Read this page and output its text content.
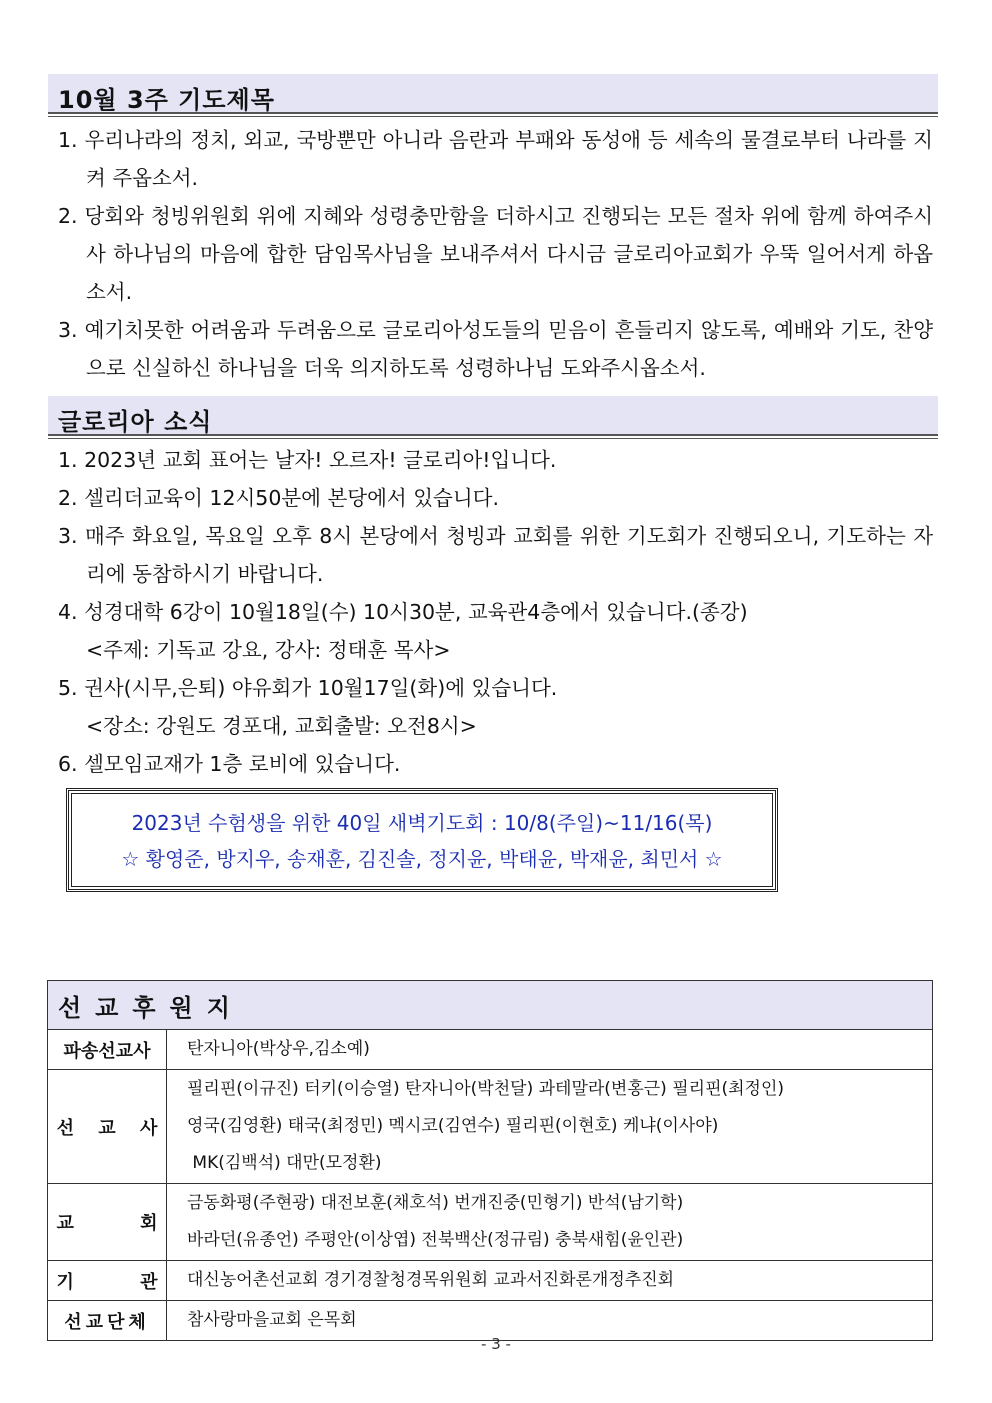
10월 3주 기도제목
1. 우리나라의 정치, 외교, 국방뿐만 아니라 음란과 부패와 동성애 등 세속의 물결로부터 나라를 지켜 주옵소서.
2. 당회와 청빙위원회 위에 지혜와 성령충만함을 더하시고 진행되는 모든 절차 위에 함께 하여주시사 하나님의 마음에 합한 담임목사님을 보내주셔서 다시금 글로리아교회가 우뚝 일어서게 하옵소서.
3. 예기치못한 어려움과 두려움으로 글로리아성도들의 믿음이 흔들리지 않도록, 예배와 기도, 찬양으로 신실하신 하나님을 더욱 의지하도록 성령하나님 도와주시옵소서.
글로리아 소식
1. 2023년 교회 표어는 날자! 오르자! 글로리아!입니다.
2. 셀리더교육이 12시50분에 본당에서 있습니다.
3. 매주 화요일, 목요일 오후 8시 본당에서 청빙과 교회를 위한 기도회가 진행되오니, 기도하는 자리에 동참하시기 바랍니다.
4. 성경대학 6강이 10월18일(수) 10시30분, 교육관4층에서 있습니다.(종강)
<주제: 기독교 강요, 강사: 정태훈 목사>
5. 권사(시무,은퇴) 야유회가 10월17일(화)에 있습니다.
<장소: 강원도 경포대, 교회출발: 오전8시>
6. 셀모임교재가 1층 로비에 있습니다.
2023년 수험생을 위한 40일 새벽기도회 : 10/8(주일)~11/16(목)
☆ 황영준, 방지우, 송재훈, 김진솔, 정지윤, 박태윤, 박재윤, 최민서 ☆
선교후원지	
파송선교사	탄자니아(박상우,김소예)

선 교 사	필리핀(이규진) 터키(이승열) 탄자니아(박천달) 과테말라(변홍근) 필리핀(최정인)
영국(김영환) 태국(최정민) 멕시코(김연수) 필리핀(이현호) 케냐(이사야)
MK(김백석) 대만(모정환)

교 회	금동화평(주현광) 대전보훈(채호석) 번개진중(민형기) 반석(남기학)
바라던(유종언) 주평안(이상엽) 전북백산(정규림) 충북새힘(윤인관)

기 관	대신농어촌선교회 경기경찰청경목위원회 교과서진화론개정추진회

선교단체	참사랑마을교회 은목회
- 3 -
